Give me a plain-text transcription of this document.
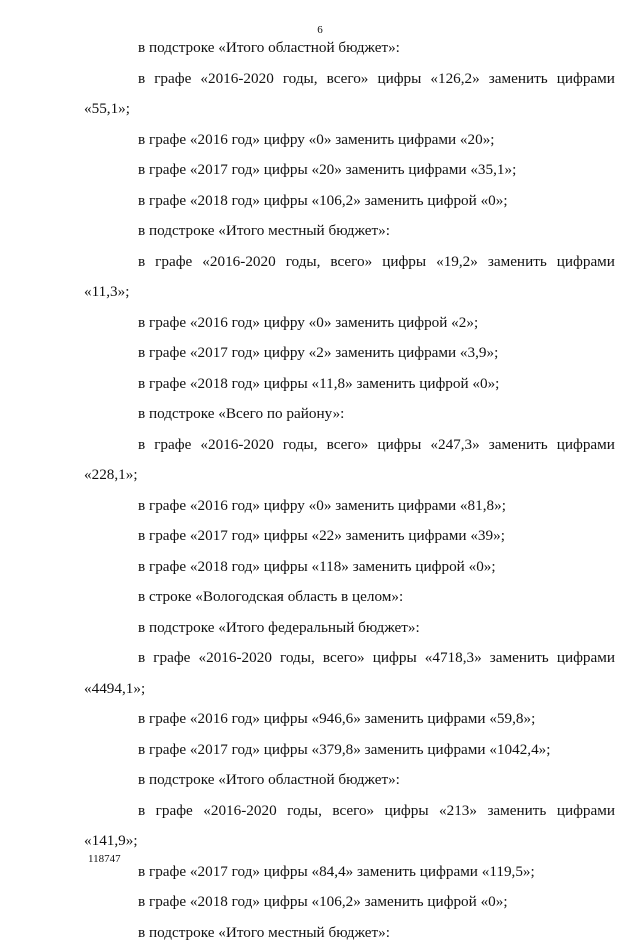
6
в подстроке «Итого областной бюджет»:
в графе «2016-2020 годы, всего» цифры «126,2» заменить цифрами
«55,1»;
в графе «2016 год» цифру «0» заменить цифрами «20»;
в графе «2017 год» цифры «20» заменить цифрами «35,1»;
в графе «2018 год» цифры «106,2» заменить цифрой «0»;
в подстроке «Итого местный бюджет»:
в графе «2016-2020 годы, всего» цифры «19,2» заменить цифрами
«11,3»;
в графе «2016 год» цифру «0» заменить цифрой «2»;
в графе «2017 год» цифру «2» заменить цифрами «3,9»;
в графе «2018 год» цифры «11,8» заменить цифрой «0»;
в подстроке «Всего по району»:
в графе «2016-2020 годы, всего» цифры «247,3» заменить цифрами
«228,1»;
в графе «2016 год» цифру «0» заменить цифрами «81,8»;
в графе «2017 год» цифры «22» заменить цифрами «39»;
в графе «2018 год» цифры «118» заменить цифрой «0»;
в строке «Вологодская область в целом»:
в подстроке «Итого федеральный бюджет»:
в графе «2016-2020 годы, всего» цифры «4718,3» заменить цифрами
«4494,1»;
в графе «2016 год» цифры «946,6» заменить цифрами «59,8»;
в графе «2017 год» цифры «379,8» заменить цифрами «1042,4»;
в подстроке «Итого областной бюджет»:
в графе «2016-2020 годы, всего» цифры «213» заменить цифрами
«141,9»;
в графе «2017 год» цифры «84,4» заменить цифрами «119,5»;
в графе «2018 год» цифры «106,2» заменить цифрой «0»;
в подстроке «Итого местный бюджет»:
118747
